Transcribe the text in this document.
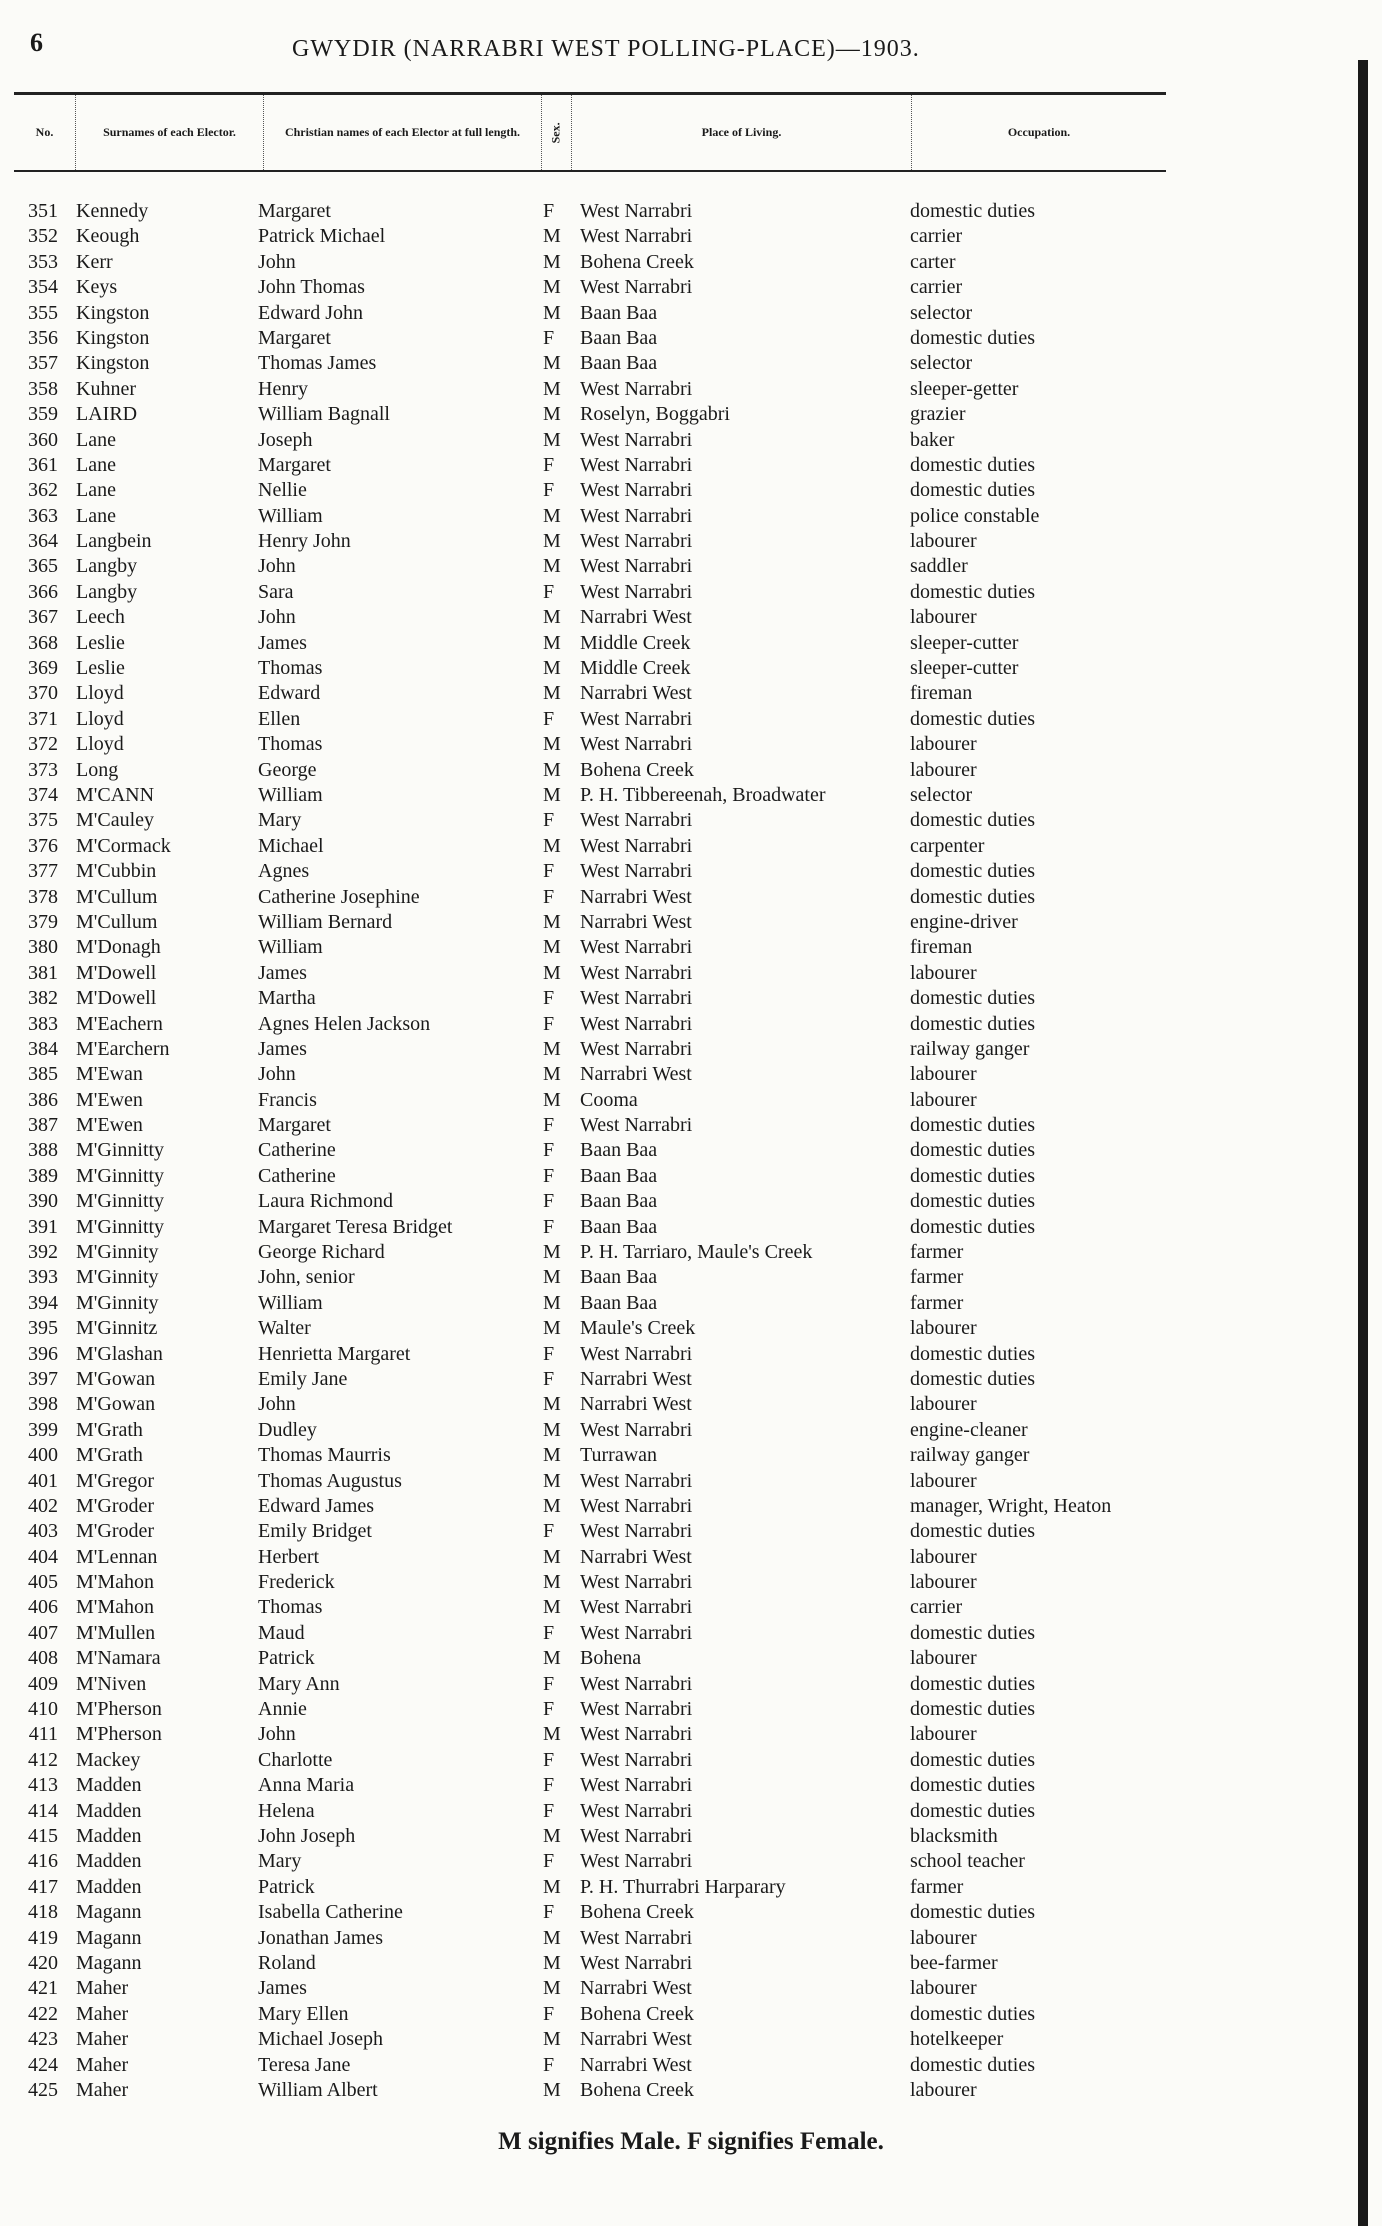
6	GWYDIR (NARRABRI WEST POLLING-PLACE)—1903.
No.	Surnames of each Elector.	Christian names of each Elector at full length.	Sex.	Place of Living.	Occupation.
351 Kennedy	Margaret	F West Narrabri	domestic duties
352 Keough	Patrick Michael	M West Narrabri	carrier
353 Kerr	John	M Bohena Creek	carter
354 Keys	John Thomas	M West Narrabri	carrier
355 Kingston	Edward John	M Baan Baa	selector
356 Kingston	Margaret	F Baan Baa	domestic duties
357 Kingston	Thomas James	M Baan Baa	selector
358 Kuhner	Henry	M West Narrabri	sleeper-getter
359 LAIRD	William Bagnall	M Roselyn, Boggabri	grazier
360 Lane	Joseph	M West Narrabri	baker
361 Lane	Margaret	F West Narrabri	domestic duties
362 Lane	Nellie	F West Narrabri	domestic duties
363 Lane	William	M West Narrabri	police constable
364 Langbein	Henry John	M West Narrabri	labourer
365 Langby	John	M West Narrabri	saddler
366 Langby	Sara	F West Narrabri	domestic duties
367 Leech	John	M Narrabri West	labourer
368 Leslie	James	M Middle Creek	sleeper-cutter
369 Leslie	Thomas	M Middle Creek	sleeper-cutter
370 Lloyd	Edward	M Narrabri West	fireman
371 Lloyd	Ellen	F West Narrabri	domestic duties
372 Lloyd	Thomas	M West Narrabri	labourer
373 Long	George	M Bohena Creek	labourer
374 M'CANN	William	M P. H. Tibbereenah, Broadwater	selector
375 M'Cauley	Mary	F West Narrabri	domestic duties
376 M'Cormack	Michael	M West Narrabri	carpenter
377 M'Cubbin	Agnes	F West Narrabri	domestic duties
378 M'Cullum	Catherine Josephine	F Narrabri West	domestic duties
379 M'Cullum	William Bernard	M Narrabri West	engine-driver
380 M'Donagh	William	M West Narrabri	fireman
381 M'Dowell	James	M West Narrabri	labourer
382 M'Dowell	Martha	F West Narrabri	domestic duties
383 M'Eachern	Agnes Helen Jackson	F West Narrabri	domestic duties
384 M'Earchern	James	M West Narrabri	railway ganger
385 M'Ewan	John	M Narrabri West	labourer
386 M'Ewen	Francis	M Cooma	labourer
387 M'Ewen	Margaret	F West Narrabri	domestic duties
388 M'Ginnitty	Catherine	F Baan Baa	domestic duties
389 M'Ginnitty	Catherine	F Baan Baa	domestic duties
390 M'Ginnitty	Laura Richmond	F Baan Baa	domestic duties
391 M'Ginnitty	Margaret Teresa Bridget	F Baan Baa	domestic duties
392 M'Ginnity	George Richard	M P. H. Tarriaro, Maule's Creek	farmer
393 M'Ginnity	John, senior	M Baan Baa	farmer
394 M'Ginnity	William	M Baan Baa	farmer
395 M'Ginnitz	Walter	M Maule's Creek	labourer
396 M'Glashan	Henrietta Margaret	F West Narrabri	domestic duties
397 M'Gowan	Emily Jane	F Narrabri West	domestic duties
398 M'Gowan	John	M Narrabri West	labourer
399 M'Grath	Dudley	M West Narrabri	engine-cleaner
400 M'Grath	Thomas Maurris	M Turrawan	railway ganger
401 M'Gregor	Thomas Augustus	M West Narrabri	labourer
402 M'Groder	Edward James	M West Narrabri	manager, Wright, Heaton
403 M'Groder	Emily Bridget	F West Narrabri	domestic duties
404 M'Lennan	Herbert	M Narrabri West	labourer
405 M'Mahon	Frederick	M West Narrabri	labourer
406 M'Mahon	Thomas	M West Narrabri	carrier
407 M'Mullen	Maud	F West Narrabri	domestic duties
408 M'Namara	Patrick	M Bohena	labourer
409 M'Niven	Mary Ann	F West Narrabri	domestic duties
410 M'Pherson	Annie	F West Narrabri	domestic duties
411 M'Pherson	John	M West Narrabri	labourer
412 Mackey	Charlotte	F West Narrabri	domestic duties
413 Madden	Anna Maria	F West Narrabri	domestic duties
414 Madden	Helena	F West Narrabri	domestic duties
415 Madden	John Joseph	M West Narrabri	blacksmith
416 Madden	Mary	F West Narrabri	school teacher
417 Madden	Patrick	M P. H. Thurrabri Harparary	farmer
418 Magann	Isabella Catherine	F Bohena Creek	domestic duties
419 Magann	Jonathan James	M West Narrabri	labourer
420 Magann	Roland	M West Narrabri	bee-farmer
421 Maher	James	M Narrabri West	labourer
422 Maher	Mary Ellen	F Bohena Creek	domestic duties
423 Maher	Michael Joseph	M Narrabri West	hotelkeeper
424 Maher	Teresa Jane	F Narrabri West	domestic duties
425 Maher	William Albert	M Bohena Creek	labourer
M signifies Male. F signifies Female.
